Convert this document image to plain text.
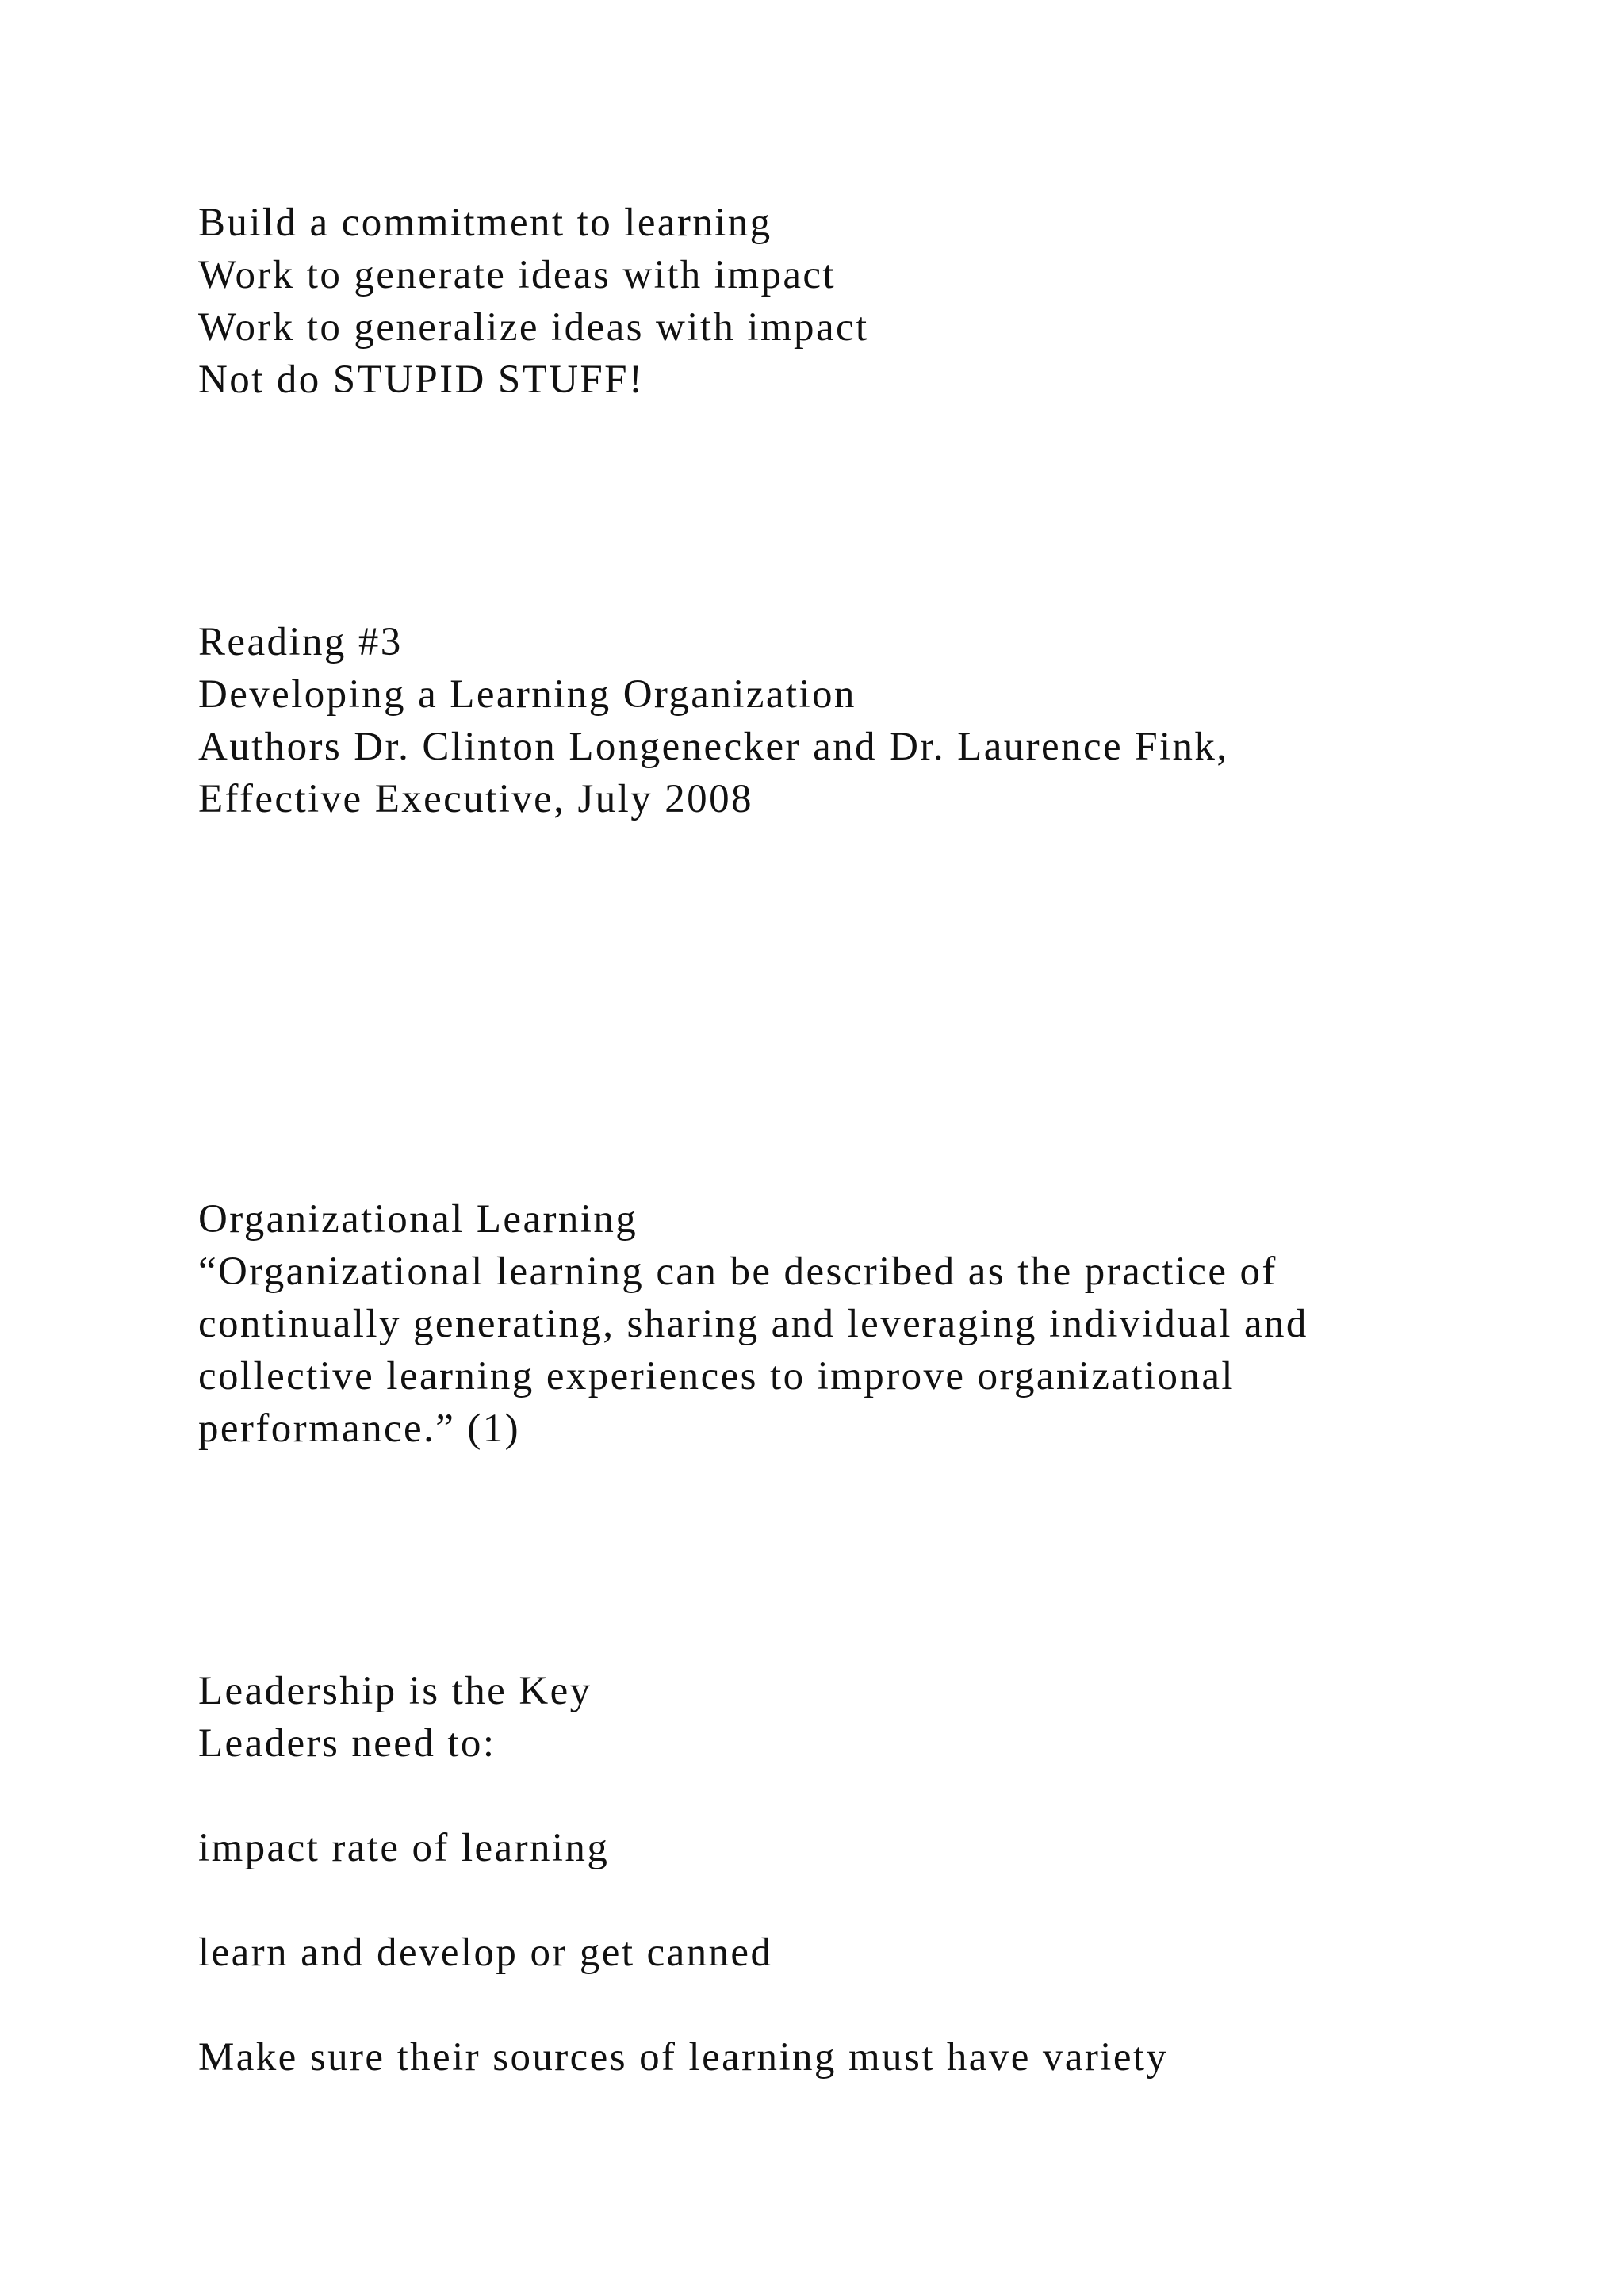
Build a commitment to learning
Work to generate ideas with impact
Work to generalize ideas with impact
Not do STUPID STUFF!
Reading #3
Developing a Learning Organization
Authors Dr. Clinton Longenecker and Dr. Laurence Fink,
Effective Executive, July 2008
Organizational Learning
“Organizational learning can be described as the practice of
continually generating, sharing and leveraging individual and
collective learning experiences to improve organizational
performance.” (1)
Leadership is the Key
Leaders need to:
impact rate of learning
learn and develop or get canned
Make sure their sources of learning must have variety
